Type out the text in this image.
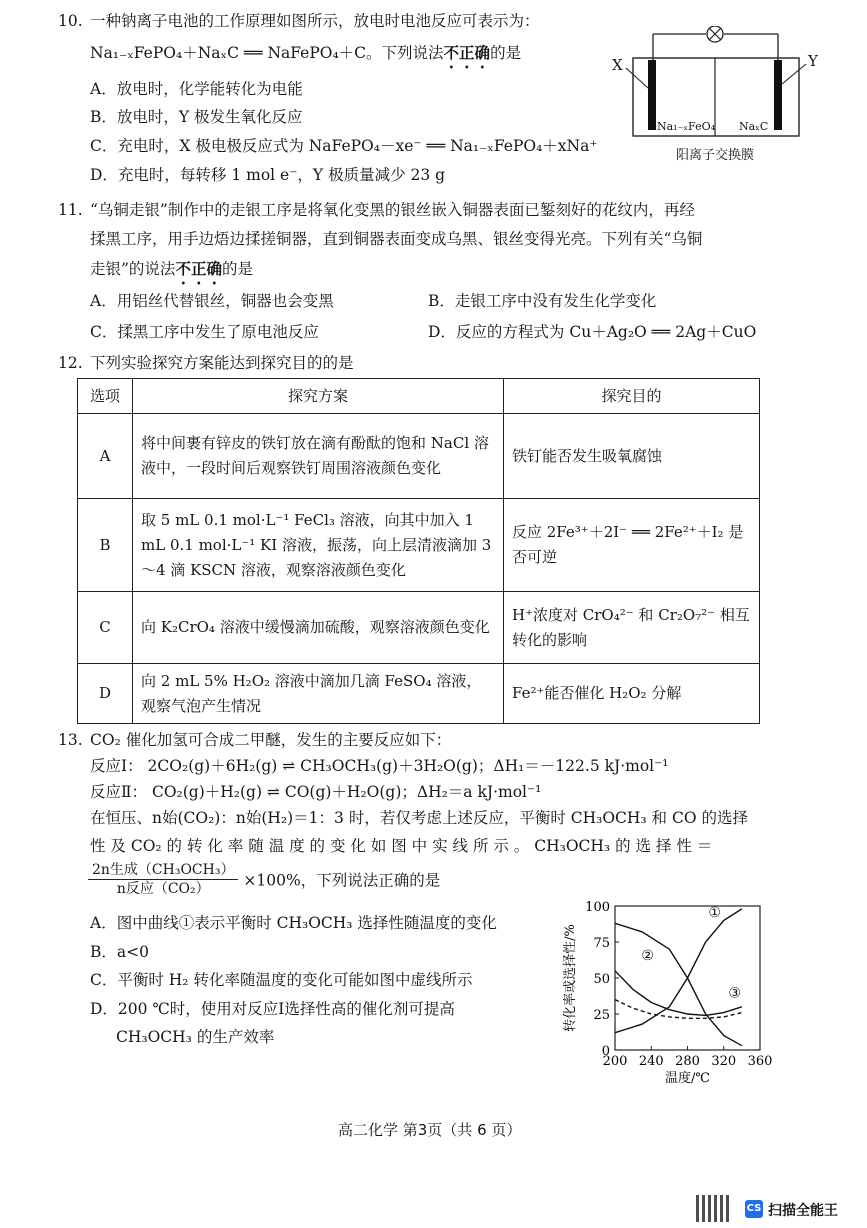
10. 一种钠离子电池的工作原理如图所示，放电时电池反应可表示为：
Na₁₋ₓFePO₄＋NaₓC ══ NaFePO₄＋C。下列说法不正确的是
A．放电时，化学能转化为电能
B．放电时，Y 极发生氧化反应
C．充电时，X 极电极反应式为 NaFePO₄－xe⁻ ══ Na₁₋ₓFePO₄＋xNa⁺
D．充电时，每转移 1 mol e⁻，Y 极质量减少 23 g
X	Y
Na₁₋ₓFeO₄ NaₓC
阳离子交换膜
11. “乌铜走银”制作中的走银工序是将氧化变黑的银丝嵌入铜器表面已錾刻好的花纹内，再经
揉黑工序，用手边焐边揉搓铜器，直到铜器表面变成乌黑、银丝变得光亮。下列有关“乌铜
走银”的说法不正确的是
A．用铝丝代替银丝，铜器也会变黑	B．走银工序中没有发生化学变化
C．揉黑工序中发生了原电池反应	D．反应的方程式为 Cu＋Ag₂O ══ 2Ag＋CuO
12. 下列实验探究方案能达到探究目的的是
选项	探究方案	探究目的
A	将中间裹有锌皮的铁钉放在滴有酚酞的饱和 NaCl 溶液中，一段时间后观察铁钉周围溶液颜色变化	铁钉能否发生吸氧腐蚀
B	取 5 mL 0.1 mol·L⁻¹ FeCl₃ 溶液，向其中加入 1 mL 0.1 mol·L⁻¹ KI 溶液，振荡，向上层清液滴加 3～4 滴 KSCN 溶液，观察溶液颜色变化	反应 2Fe³⁺＋2I⁻ ══ 2Fe²⁺＋I₂ 是否可逆
C	向 K₂CrO₄ 溶液中缓慢滴加硫酸，观察溶液颜色变化	H⁺浓度对 CrO₄²⁻ 和 Cr₂O₇²⁻ 相互转化的影响
D	向 2 mL 5% H₂O₂ 溶液中滴加几滴 FeSO₄ 溶液，观察气泡产生情况	Fe²⁺能否催化 H₂O₂ 分解
13. CO₂ 催化加氢可合成二甲醚，发生的主要反应如下：
反应Ⅰ： 2CO₂(g)＋6H₂(g) ⇌ CH₃OCH₃(g)＋3H₂O(g)；ΔH₁＝－122.5 kJ·mol⁻¹
反应Ⅱ： CO₂(g)＋H₂(g) ⇌ CO(g)＋H₂O(g)；ΔH₂＝a kJ·mol⁻¹
在恒压、n始(CO₂)：n始(H₂)＝1：3 时，若仅考虑上述反应，平衡时 CH₃OCH₃ 和 CO 的选择
性 及 CO₂ 的 转 化 率 随 温 度 的 变 化 如 图 中 实 线 所 示 。 CH₃OCH₃ 的 选 择 性 ＝
$\frac{\text{2n生成（CH₃OCH₃）}}{\text{n反应（CO₂）}} \times 100\%$，下列说法正确的是
A．图中曲线①表示平衡时 CH₃OCH₃ 选择性随温度的变化
B．a<0
C．平衡时 H₂ 转化率随温度的变化可能如图中虚线所示
D．200 ℃时，使用对反应Ⅰ选择性高的催化剂可提高
CH₃OCH₃ 的生产效率
200 240 280 320 360
0
25
50
75
100
温度/℃
转化率或选择性/%
①
②
③
高二化学 第3页（共 6 页）
CS 扫描全能王
